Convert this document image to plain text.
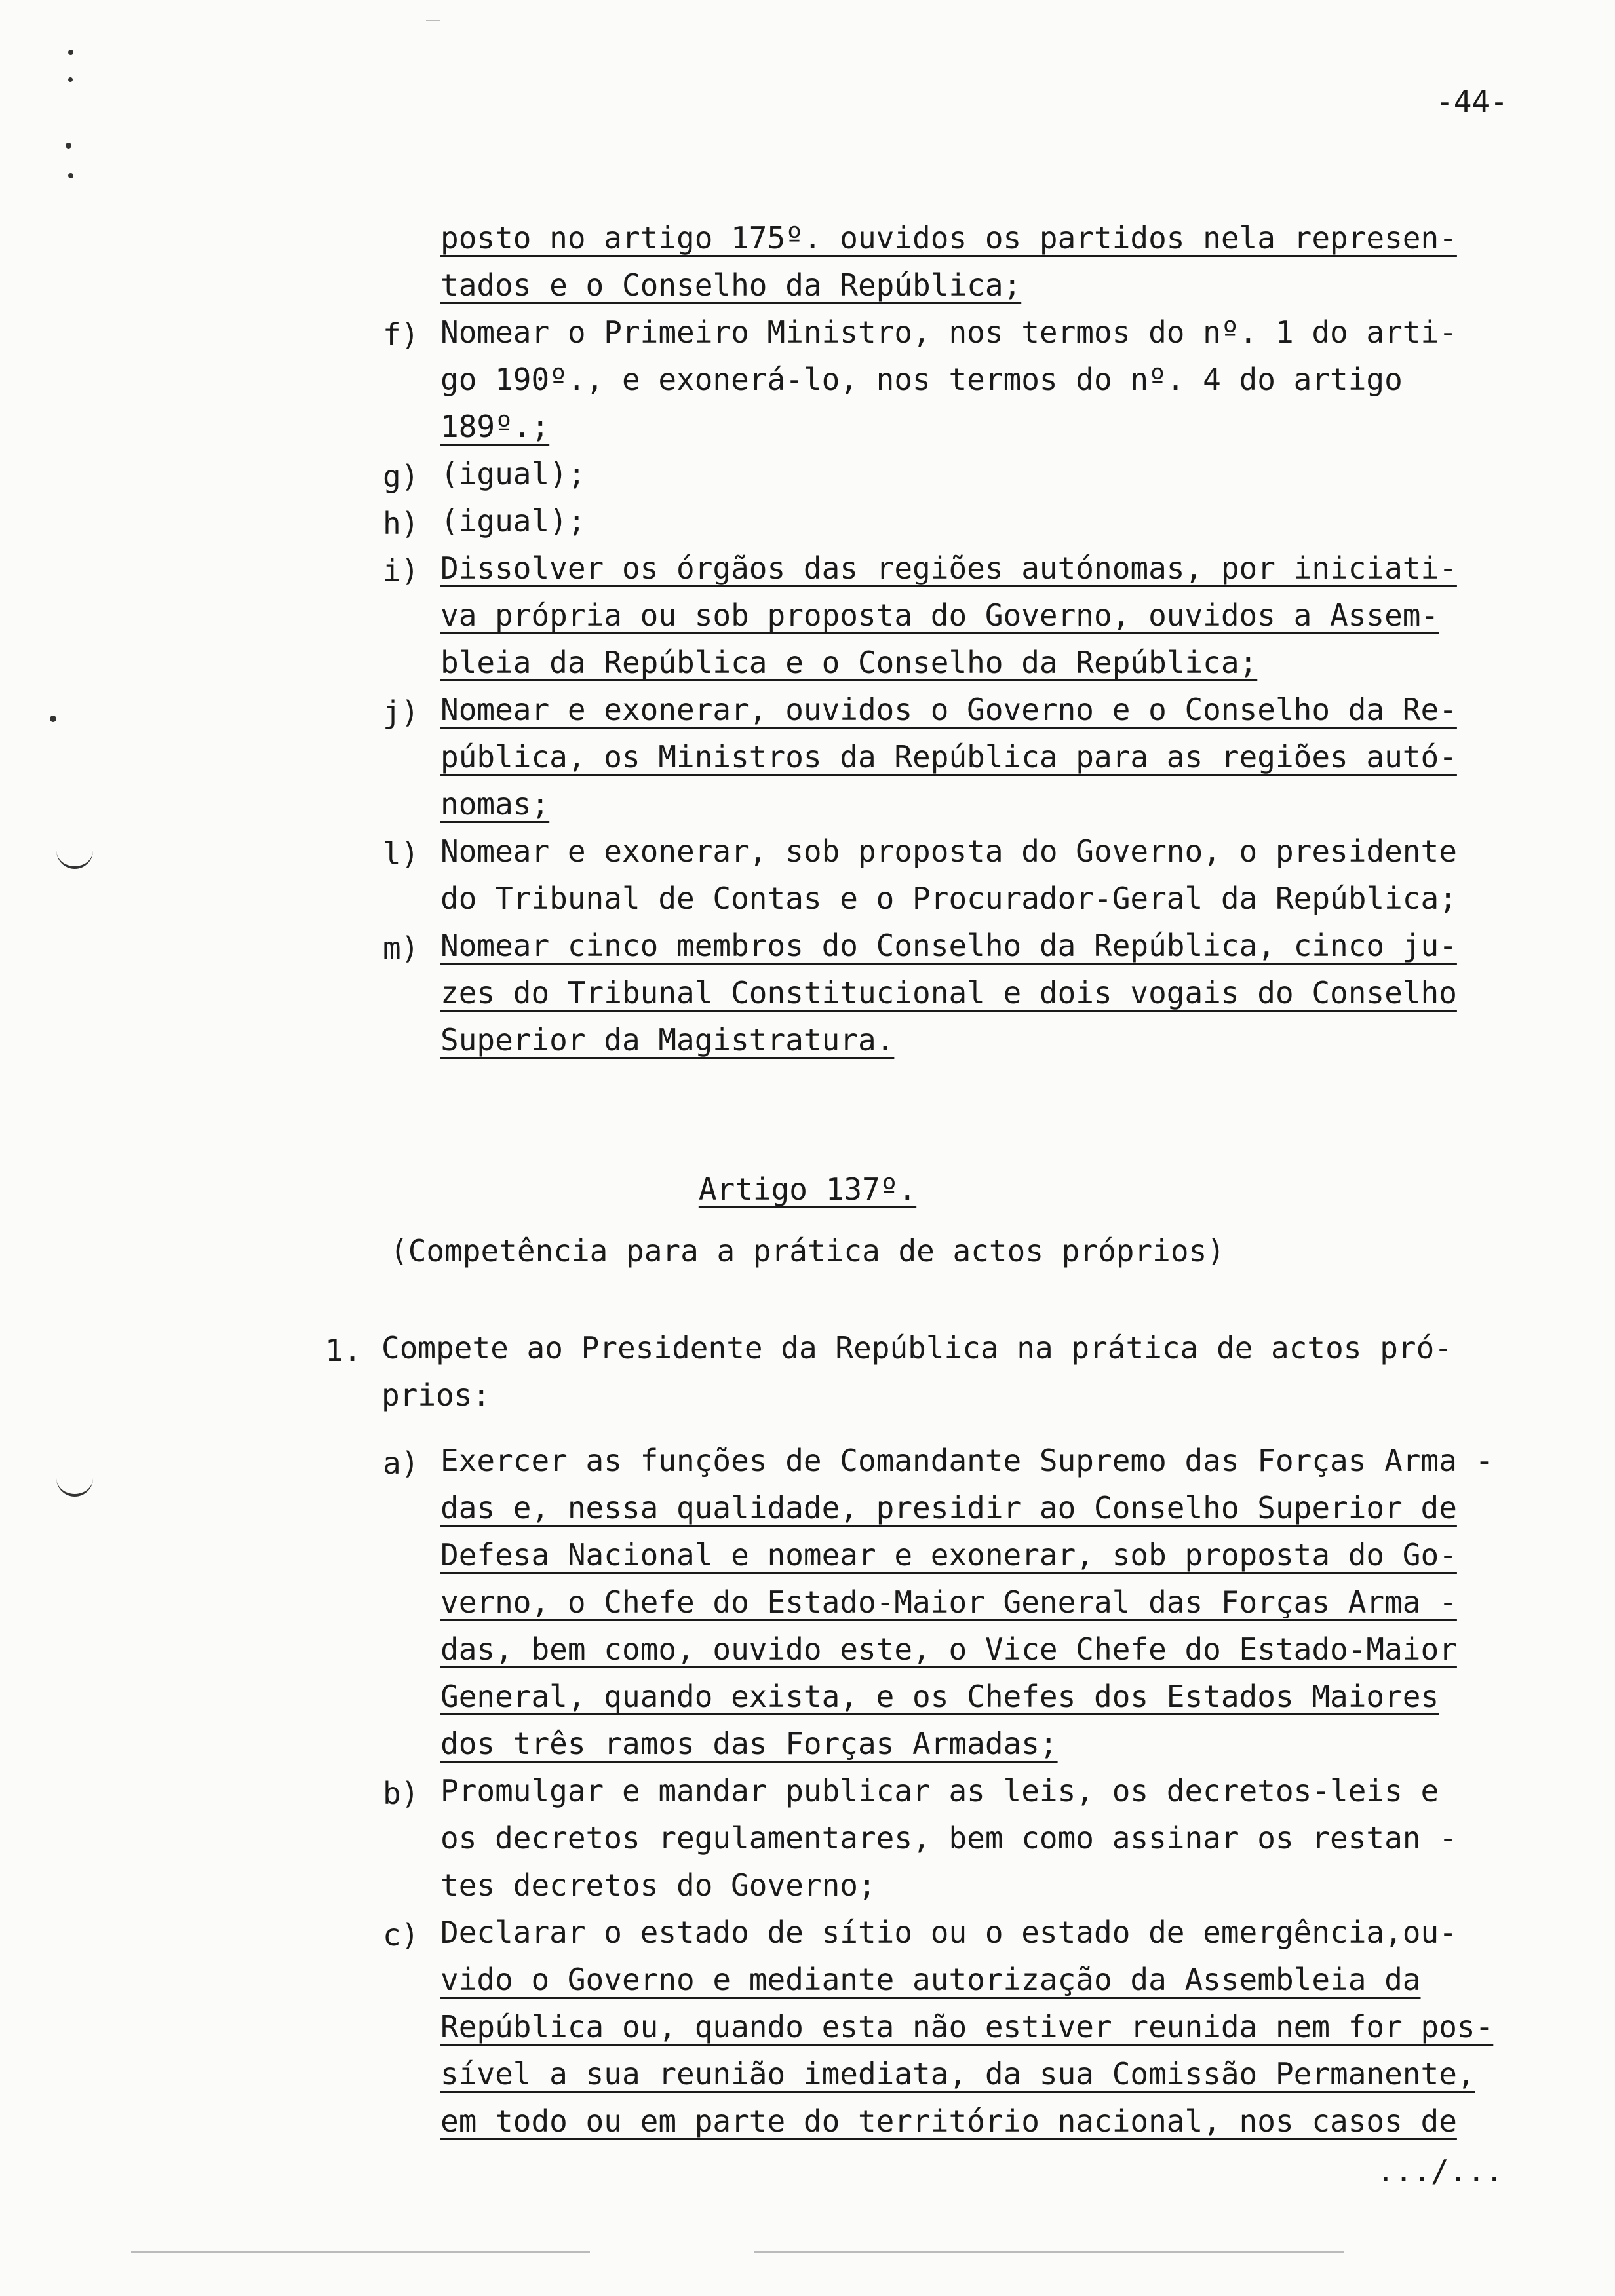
-44-
posto no artigo 175º. ouvidos os partidos nela represen-
tados e o Conselho da República;
f) Nomear o Primeiro Ministro, nos termos do nº. 1 do arti-
go 190º., e exonerá-lo, nos termos do nº. 4 do artigo
189º.;
g) (igual);
h) (igual);
i) Dissolver os órgãos das regiões autónomas, por iniciati-
va própria ou sob proposta do Governo, ouvidos a Assem-
bleia da República e o Conselho da República;
j) Nomear e exonerar, ouvidos o Governo e o Conselho da Re-
pública, os Ministros da República para as regiões autó-
nomas;
l) Nomear e exonerar, sob proposta do Governo, o presidente
do Tribunal de Contas e o Procurador-Geral da República;
m) Nomear cinco membros do Conselho da República, cinco ju-
zes do Tribunal Constitucional e dois vogais do Conselho
Superior da Magistratura.
Artigo 137º.
(Competência para a prática de actos próprios)
1. Compete ao Presidente da República na prática de actos pró-
prios:
a) Exercer as funções de Comandante Supremo das Forças Arma -
das e, nessa qualidade, presidir ao Conselho Superior de
Defesa Nacional e nomear e exonerar, sob proposta do Go-
verno, o Chefe do Estado-Maior General das Forças Arma -
das, bem como, ouvido este, o Vice Chefe do Estado-Maior
General, quando exista, e os Chefes dos Estados Maiores
dos três ramos das Forças Armadas;
b) Promulgar e mandar publicar as leis, os decretos-leis e
os decretos regulamentares, bem como assinar os restan -
tes decretos do Governo;
c) Declarar o estado de sítio ou o estado de emergência,ou-
vido o Governo e mediante autorização da Assembleia da
República ou, quando esta não estiver reunida nem for pos-
sível a sua reunião imediata, da sua Comissão Permanente,
em todo ou em parte do território nacional, nos casos de
.../...
